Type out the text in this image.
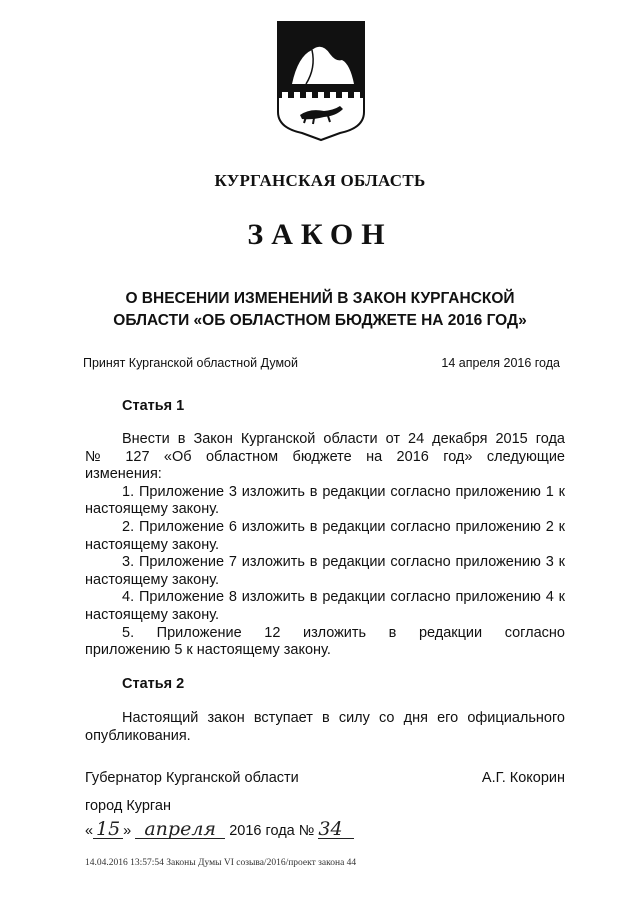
КУРГАНСКАЯ ОБЛАСТЬ
ЗАКОН
О ВНЕСЕНИИ ИЗМЕНЕНИЙ В ЗАКОН КУРГАНСКОЙ
ОБЛАСТИ «ОБ ОБЛАСТНОМ БЮДЖЕТЕ НА 2016 ГОД»
Принят Курганской областной Думой	14 апреля 2016 года
Статья 1

Внести в Закон Курганской области от 24 декабря 2015 года

№ 127 «Об областном бюджете на 2016 год» следующие

изменения:

1. Приложение 3 изложить в редакции согласно приложению 1 к настоящему закону.

2. Приложение 6 изложить в редакции согласно приложению 2 к настоящему закону.

3. Приложение 7 изложить в редакции согласно приложению 3 к настоящему закону.

4. Приложение 8 изложить в редакции согласно приложению 4 к настоящему закону.

5. Приложение 12 изложить в редакции согласно

приложению 5 к настоящему закону.

Статья 2

Настоящий закон вступает в силу со дня его официального опубликования.

Губернатор Курганской области	А.Г. Кокорин
город Курган
« 15 » апреля 2016 года № 34
14.04.2016 13:57:54 Законы Думы VI созыва/2016/проект закона 44
